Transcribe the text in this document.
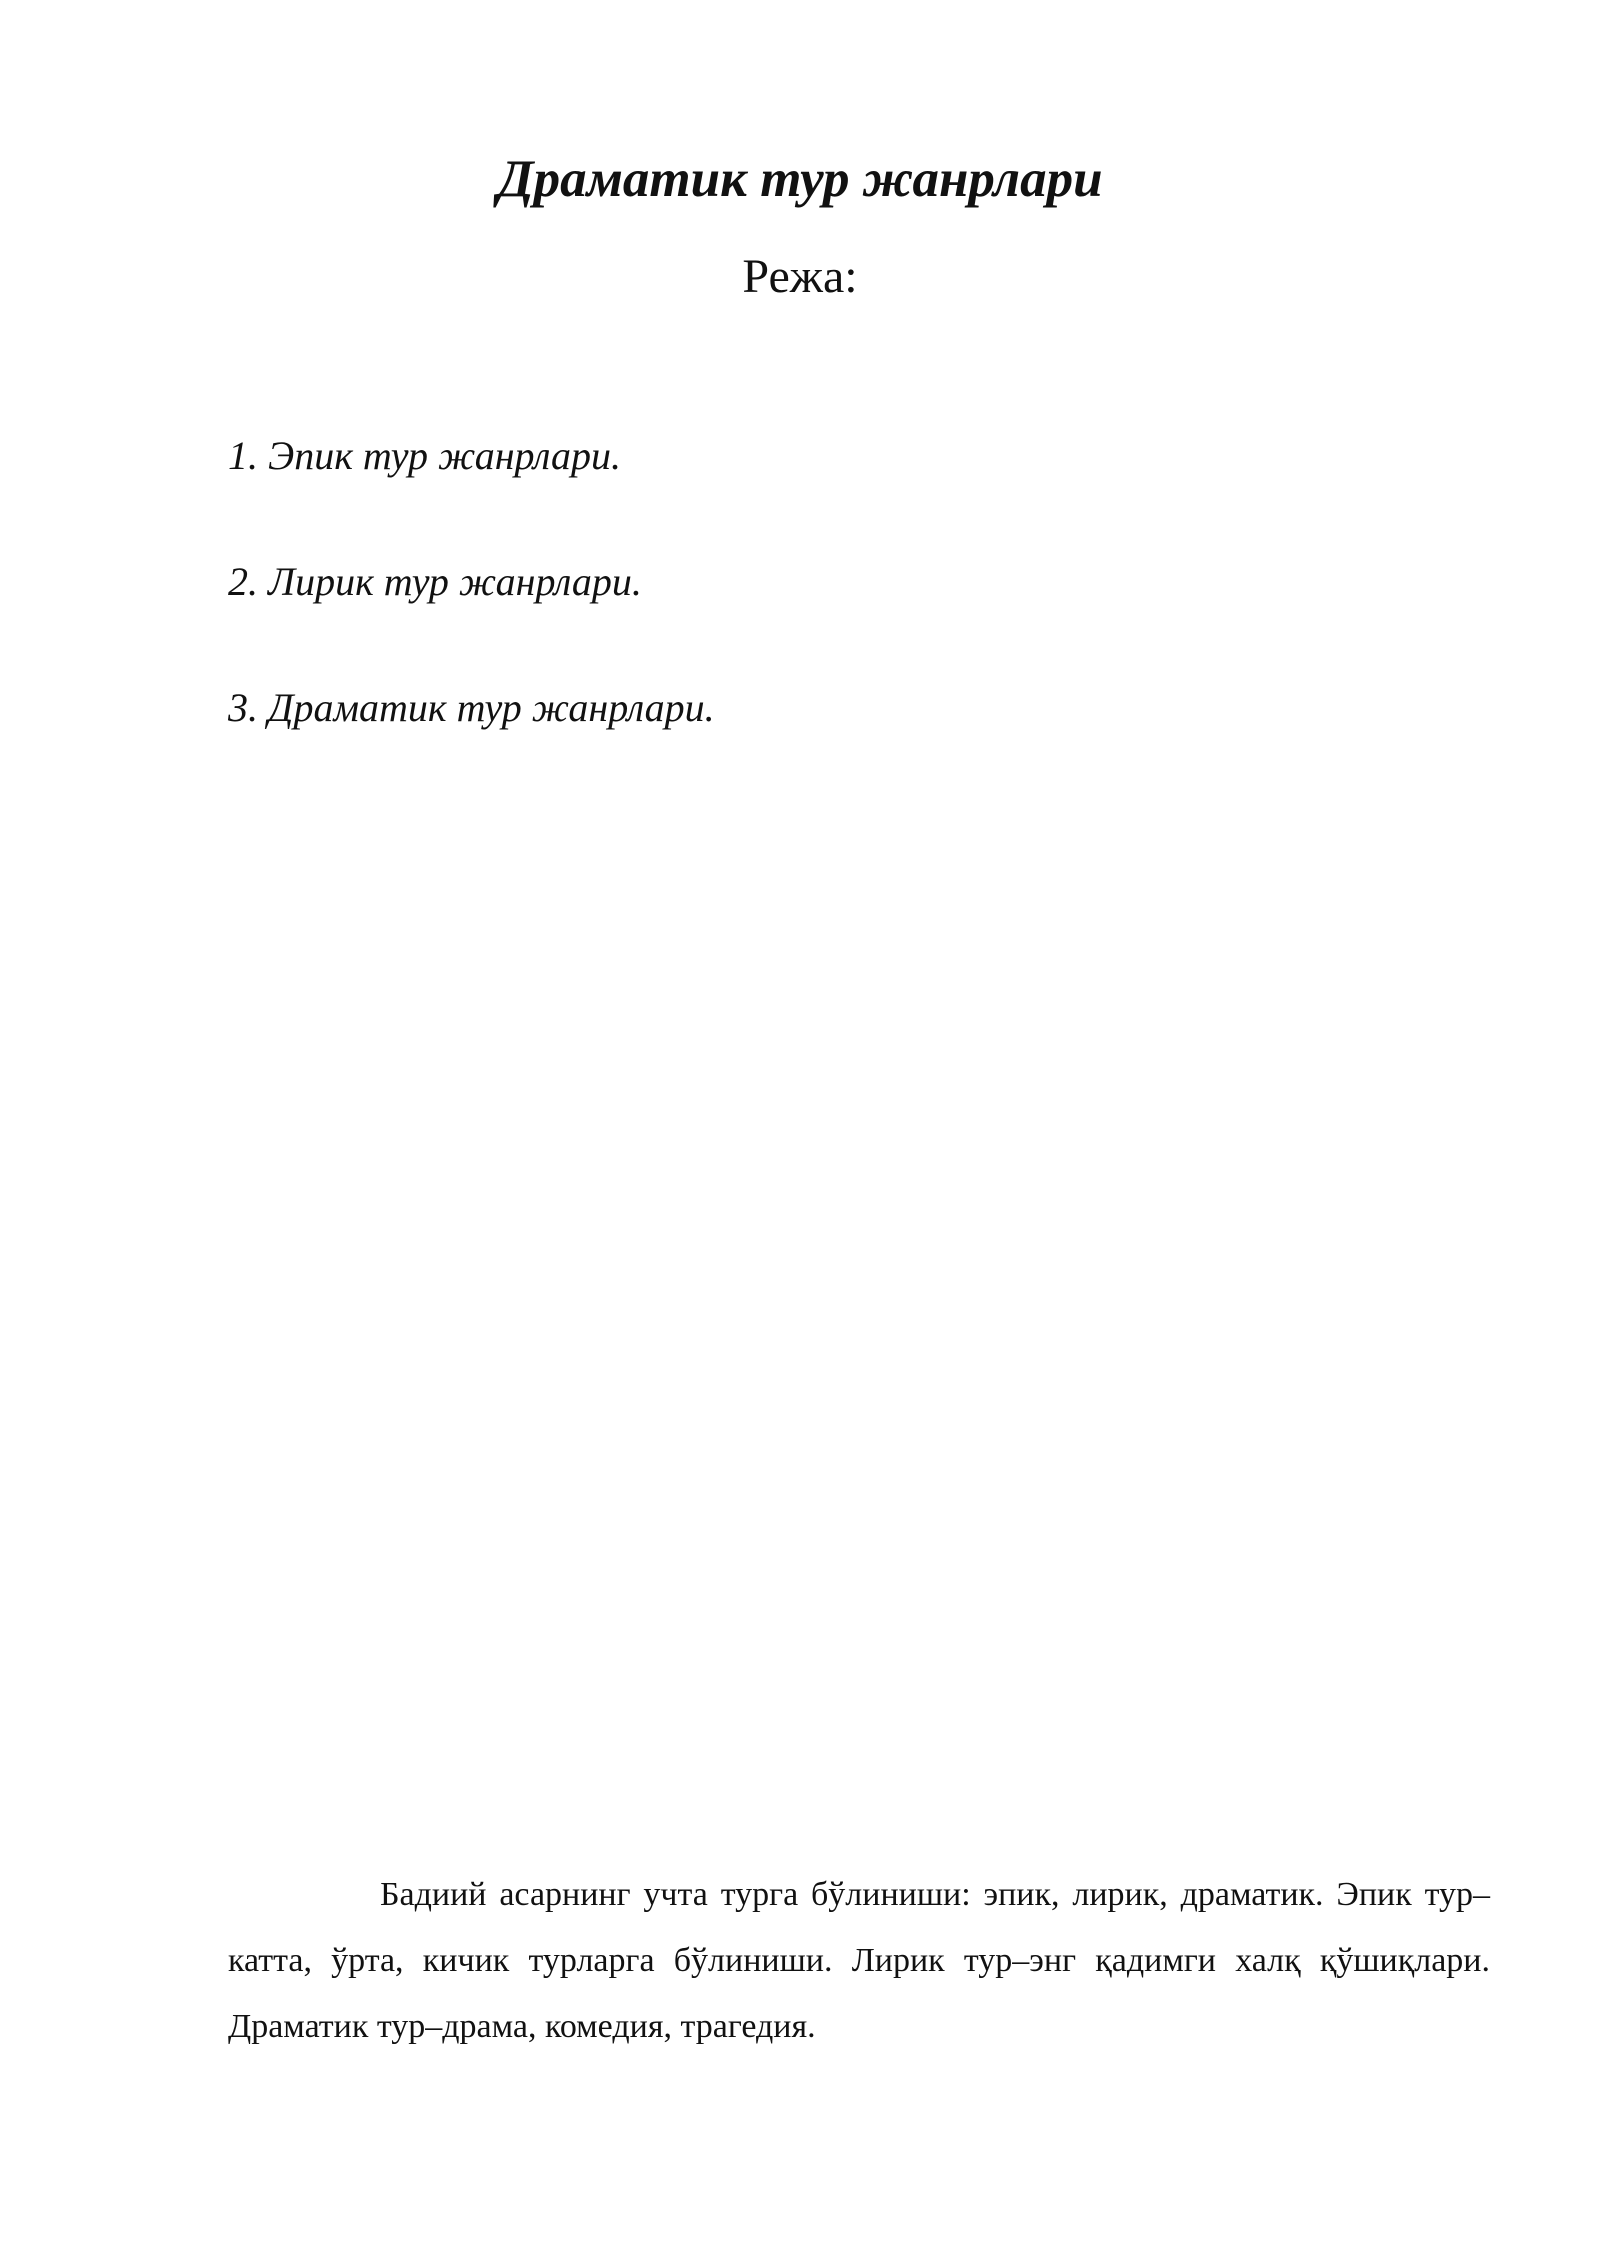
Драматик тур жанрлари
Режа:
1. Эпик тур жанрлари.
2. Лирик тур жанрлари.
3. Драматик тур жанрлари.

Бадиий асарнинг учта турга бўлиниши: эпик, лирик, драматик. Эпик тур–катта, ўрта, кичик турларга бўлиниши. Лирик тур–энг қадимги халқ қўшиқлари. Драматик тур–драма, комедия, трагедия.
